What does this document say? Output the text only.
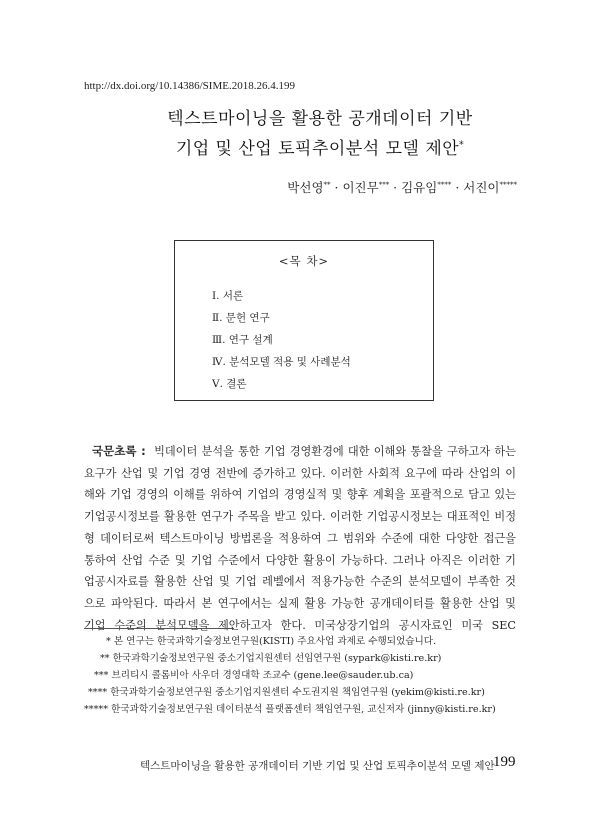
http://dx.doi.org/10.14386/SIME.2018.26.4.199
텍스트마이닝을 활용한 공개데이터 기반
기업 및 산업 토픽추이분석 모델 제안*
박선영** · 이진무*** · 김유임**** · 서진이*****
<목 차>
Ⅰ. 서론
Ⅱ. 문헌 연구
Ⅲ. 연구 설계
Ⅳ. 분석모델 적용 및 사례분석
Ⅴ. 결론
국문초록 : 빅데이터 분석을 통한 기업 경영환경에 대한 이해와 통찰을 구하고자 하는
요구가 산업 및 기업 경영 전반에 증가하고 있다. 이러한 사회적 요구에 따라 산업의 이
해와 기업 경영의 이해를 위하여 기업의 경영실적 및 향후 계획을 포괄적으로 담고 있는
기업공시정보를 활용한 연구가 주목을 받고 있다. 이러한 기업공시정보는 대표적인 비정
형 데이터로써 텍스트마이닝 방법론을 적용하여 그 범위와 수준에 대한 다양한 접근을
통하여 산업 수준 및 기업 수준에서 다양한 활용이 가능하다. 그러나 아직은 이러한 기
업공시자료를 활용한 산업 및 기업 레벨에서 적용가능한 수준의 분석모델이 부족한 것
으로 파악된다. 따라서 본 연구에서는 실제 활용 가능한 공개데이터를 활용한 산업 및
기업 수준의 분석모델을 제안하고자 한다. 미국상장기업의 공시자료인 미국 SEC
* 본 연구는 한국과학기술정보연구원(KISTI) 주요사업 과제로 수행되었습니다.
** 한국과학기술정보연구원 중소기업지원센터 선임연구원 (sypark@kisti.re.kr)
*** 브리티시 콜롬비아 사우더 경영대학 조교수 (gene.lee@sauder.ub.ca)
**** 한국과학기술정보연구원 중소기업지원센터 수도권지원 책임연구원 (yekim@kisti.re.kr)
***** 한국과학기술정보연구원 데이터분석 플랫폼센터 책임연구원, 교신저자 (jinny@kisti.re.kr)
텍스트마이닝을 활용한 공개데이터 기반 기업 및 산업 토픽추이분석 모델 제안
199
